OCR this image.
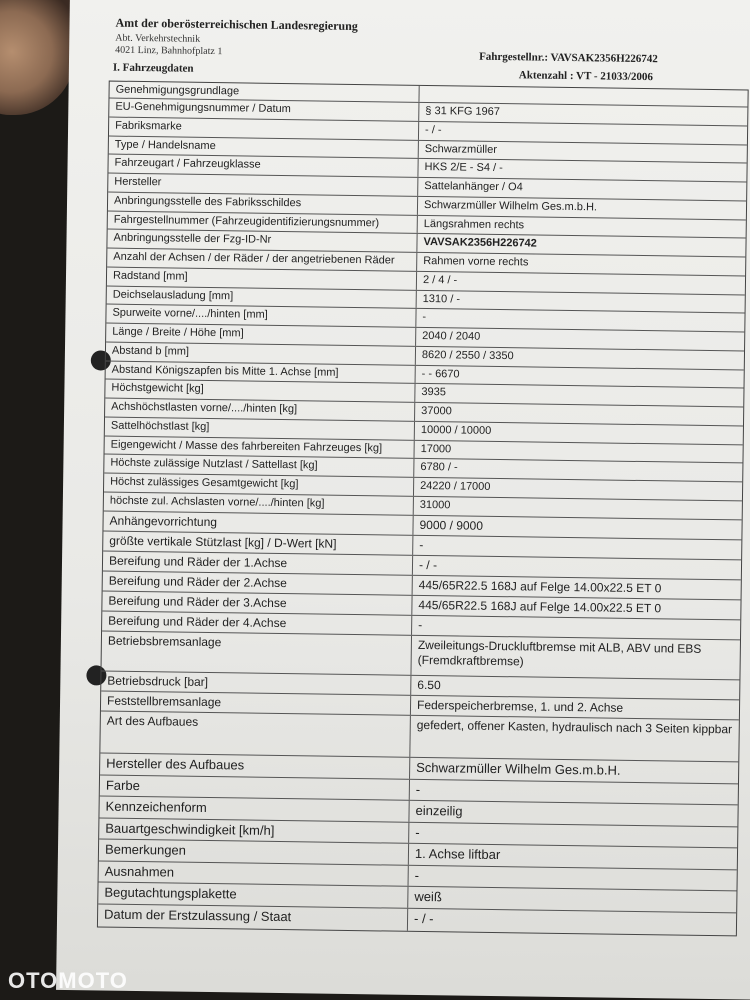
Amt der oberösterreichischen Landesregierung
Abt. Verkehrstechnik
4021 Linz, Bahnhofplatz 1	Fahrgestellnr.: VAVSAK2356H226742
I. Fahrzeugdaten
Aktenzahl : VT - 21033/2006
Genehmigungsgrundlage
EU-Genehmigungsnummer / Datum	§ 31 KFG 1967
Fabriksmarke	- / -
Type / Handelsname	Schwarzmüller
Fahrzeugart / Fahrzeugklasse	HKS 2/E - S4 / -
Hersteller	Sattelanhänger / O4
Anbringungsstelle des Fabriksschildes	Schwarzmüller Wilhelm Ges.m.b.H.
Fahrgestellnummer (Fahrzeugidentifizierungsnummer)	Längsrahmen rechts
Anbringungsstelle der Fzg-ID-Nr	VAVSAK2356H226742
Anzahl der Achsen / der Räder / der angetriebenen Räder	Rahmen vorne rechts
Radstand [mm]	2 / 4 / -
Deichselausladung [mm]	1310 / -
Spurweite vorne/..../hinten [mm]	-
Länge / Breite / Höhe [mm]	2040 / 2040
Abstand b [mm]	8620 / 2550 / 3350
Abstand Königszapfen bis Mitte 1. Achse [mm]	- - 6670
Höchstgewicht [kg]	3935
Achshöchstlasten vorne/..../hinten [kg]	37000
Sattelhöchstlast [kg]	10000 / 10000
Eigengewicht / Masse des fahrbereiten Fahrzeuges [kg]	17000
Höchste zulässige Nutzlast / Sattellast [kg]	6780 / -
Höchst zulässiges Gesamtgewicht [kg]	24220 / 17000
höchste zul. Achslasten vorne/..../hinten [kg]	31000
Anhängevorrichtung	9000 / 9000
größte vertikale Stützlast [kg] / D-Wert [kN]	-
Bereifung und Räder der 1.Achse	- / -
Bereifung und Räder der 2.Achse	445/65R22.5 168J auf Felge 14.00x22.5 ET 0
Bereifung und Räder der 3.Achse	445/65R22.5 168J auf Felge 14.00x22.5 ET 0
Bereifung und Räder der 4.Achse	-
Betriebsbremsanlage	Zweileitungs-Druckluftbremse mit ALB, ABV und EBS (Fremdkraftbremse)
Betriebsdruck [bar]	6.50
Feststellbremsanlage	Federspeicherbremse, 1. und 2. Achse
Art des Aufbaues	gefedert, offener Kasten, hydraulisch nach 3 Seiten kippbar
Hersteller des Aufbaues	Schwarzmüller Wilhelm Ges.m.b.H.
Farbe	-
Kennzeichenform	einzeilig
Bauartgeschwindigkeit [km/h]	-
Bemerkungen	1. Achse liftbar
Ausnahmen	-
Begutachtungsplakette	weiß
Datum der Erstzulassung / Staat	- / -
OTOMOTO
